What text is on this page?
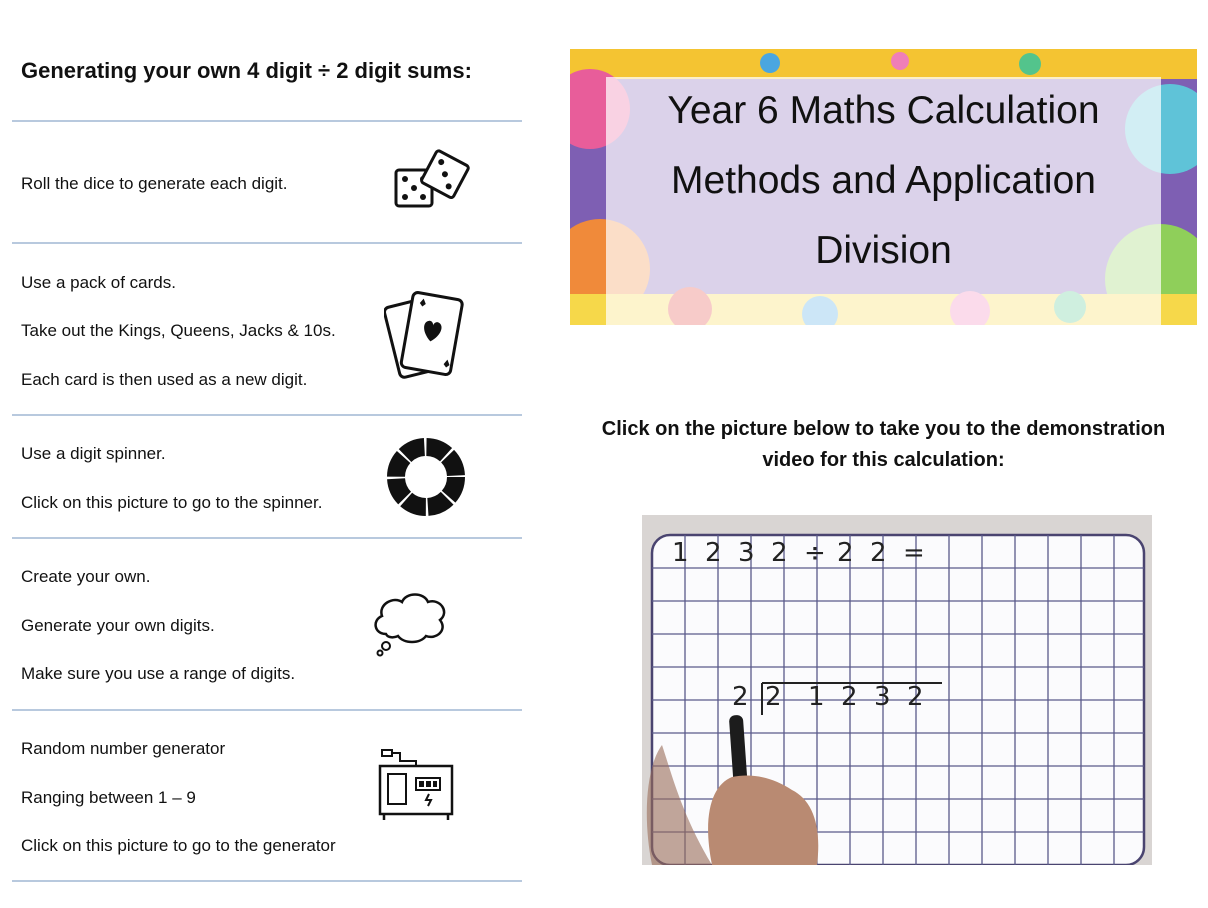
Generating your own 4 digit ÷ 2 digit sums:
Roll the dice to generate each digit.
Use a pack of cards.
Take out the Kings, Queens, Jacks & 10s.
Each card is then used as a new digit.
Use a digit spinner.
Click on this picture to go to the spinner.
Create your own.
Generate your own digits.
Make sure you use a range of digits.
Random number generator
Ranging between 1 – 9
Click on this picture to go to the generator
Year 6 Maths Calculation
Methods and Application
Division
Click on the picture below to take you to the demonstration
video for this calculation:
1 2 3 2 ÷ 2 2 =
2 2 1 2 3 2
